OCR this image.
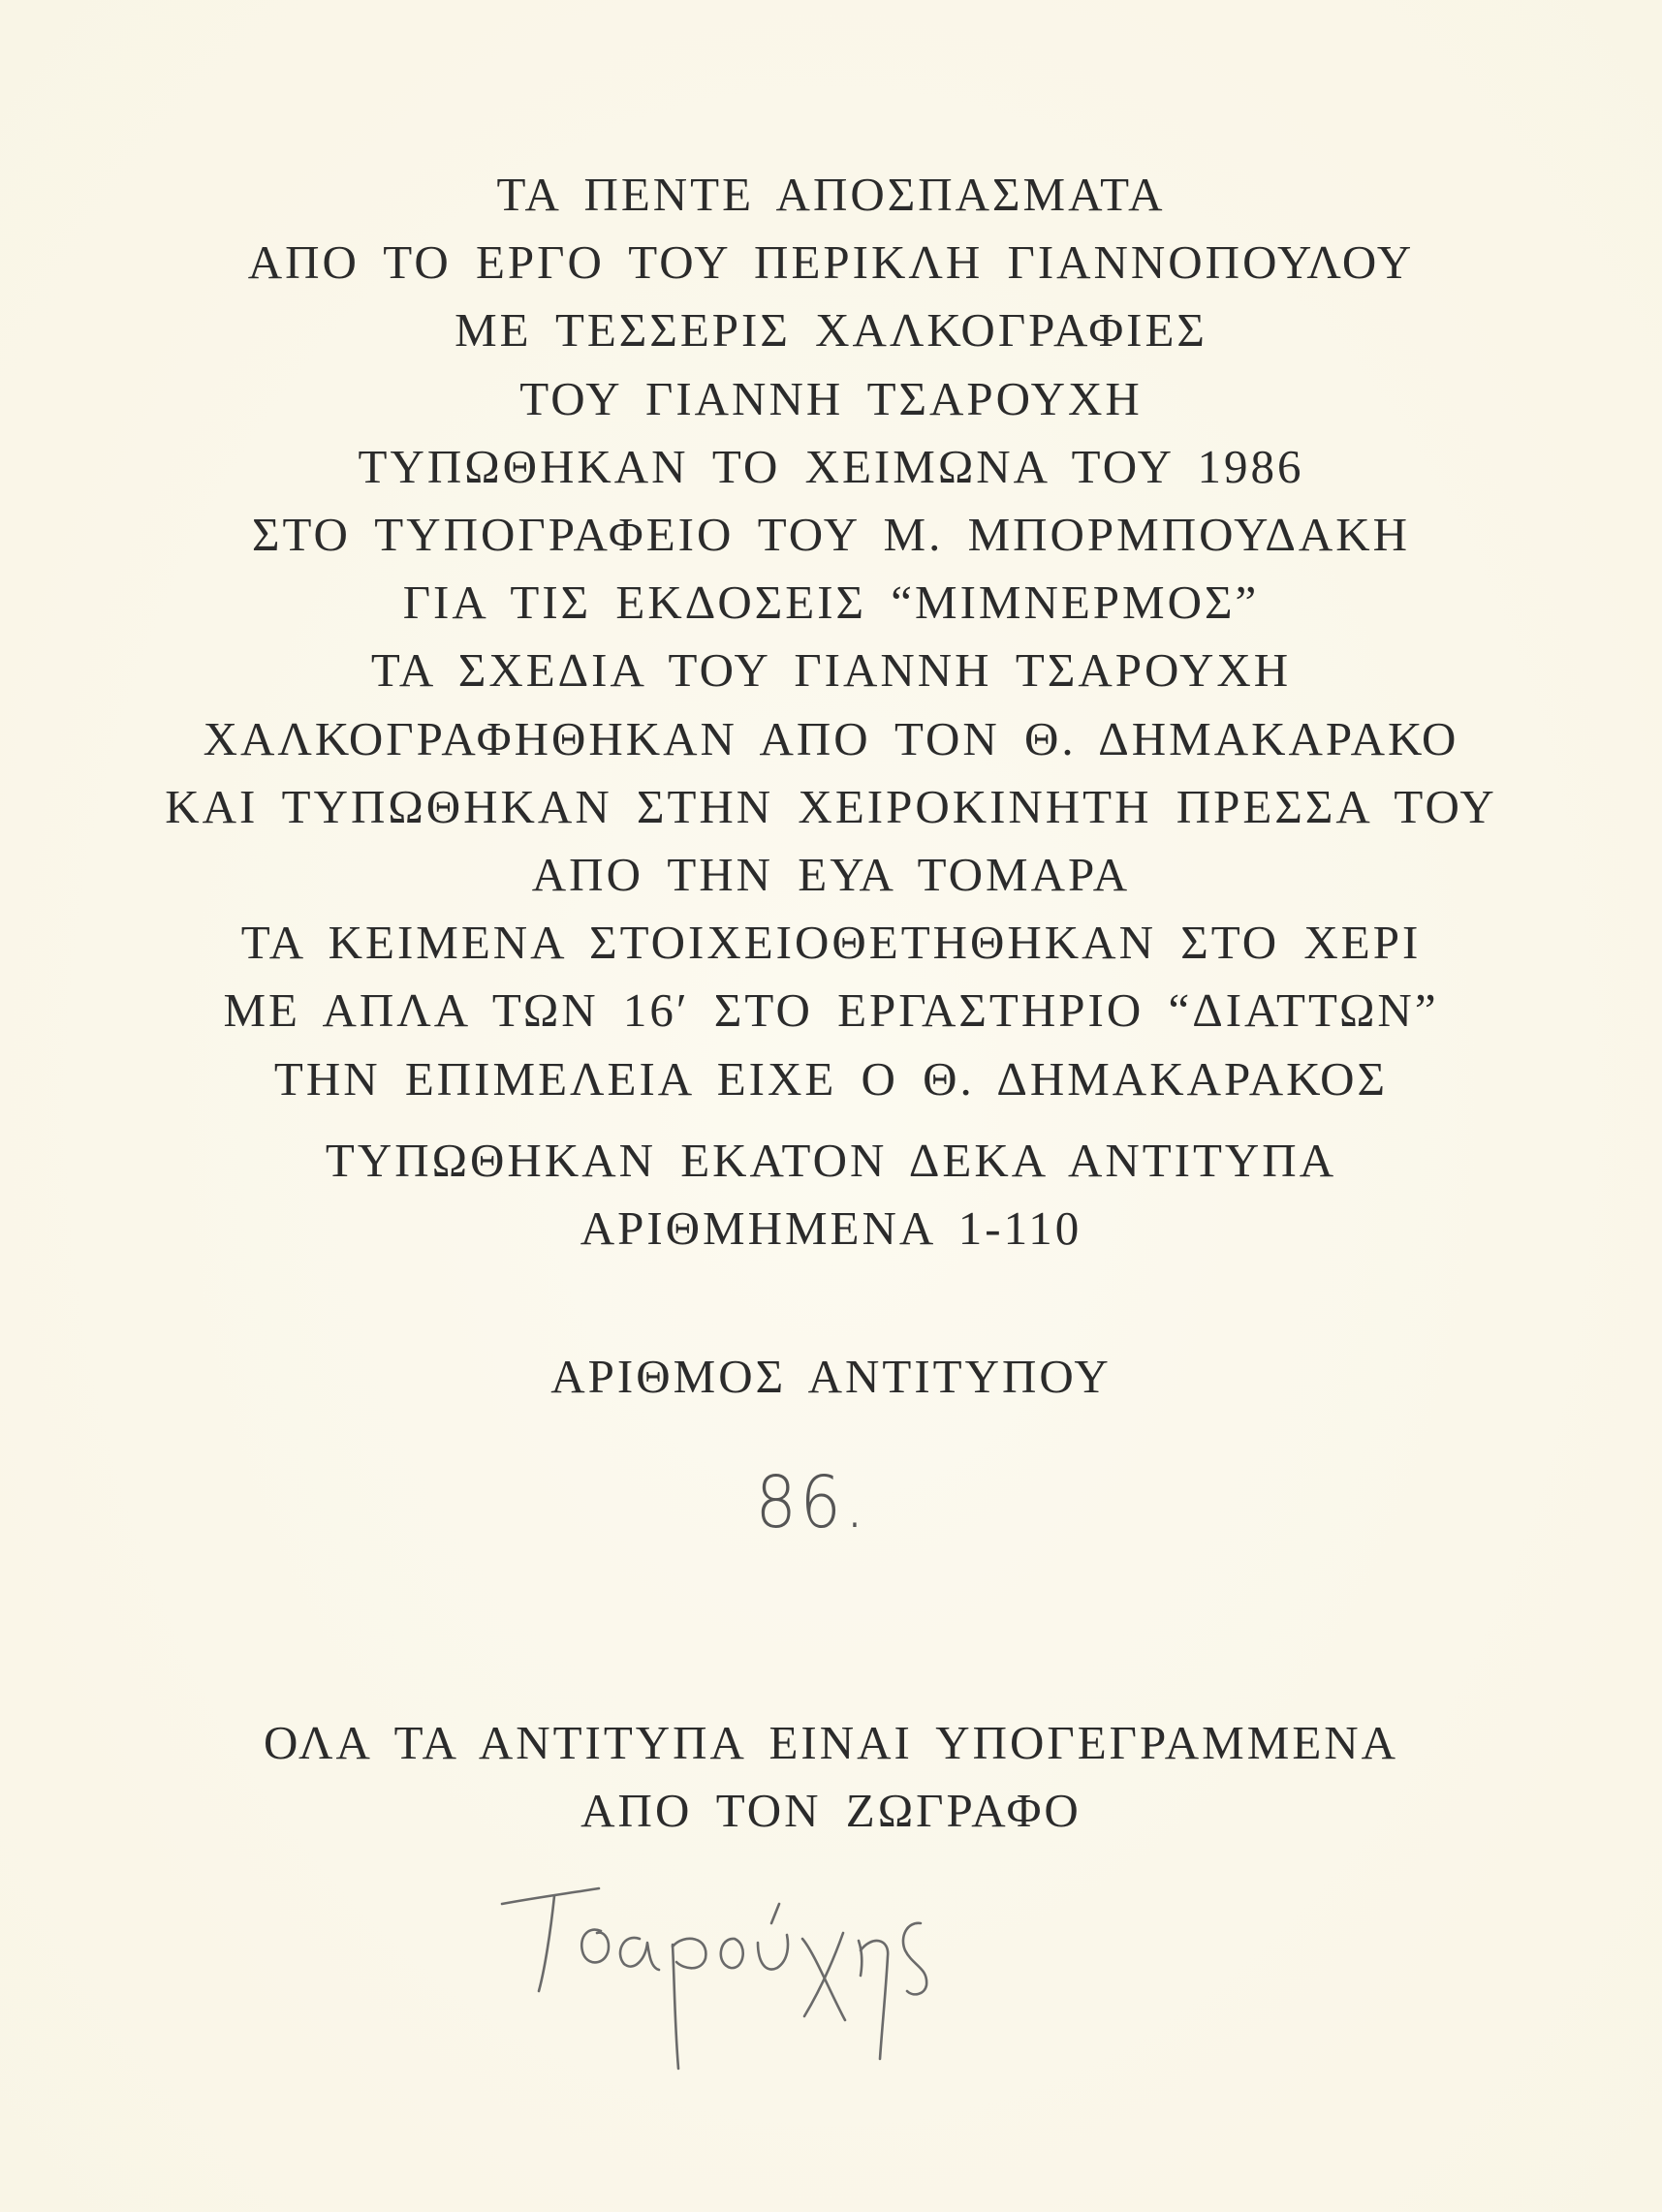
ΤΑ ΠΕΝΤΕ ΑΠΟΣΠΑΣΜΑΤΑ
ΑΠΟ ΤΟ ΕΡΓΟ ΤΟΥ ΠΕΡΙΚΛΗ ΓΙΑΝΝΟΠΟΥΛΟΥ
ΜΕ ΤΕΣΣΕΡΙΣ ΧΑΛΚΟΓΡΑΦΙΕΣ
ΤΟΥ ΓΙΑΝΝΗ ΤΣΑΡΟΥΧΗ
ΤΥΠΩΘΗΚΑΝ ΤΟ ΧΕΙΜΩΝΑ ΤΟΥ 1986
ΣΤΟ ΤΥΠΟΓΡΑΦΕΙΟ ΤΟΥ Μ. ΜΠΟΡΜΠΟΥΔΑΚΗ
ΓΙΑ ΤΙΣ ΕΚΔΟΣΕΙΣ “ΜΙΜΝΕΡΜΟΣ”
ΤΑ ΣΧΕΔΙΑ ΤΟΥ ΓΙΑΝΝΗ ΤΣΑΡΟΥΧΗ
ΧΑΛΚΟΓΡΑΦΗΘΗΚΑΝ ΑΠΟ ΤΟΝ Θ. ΔΗΜΑΚΑΡΑΚΟ
ΚΑΙ ΤΥΠΩΘΗΚΑΝ ΣΤΗΝ ΧΕΙΡΟΚΙΝΗΤΗ ΠΡΕΣΣΑ ΤΟΥ
ΑΠΟ ΤΗΝ ΕΥΑ ΤΟΜΑΡΑ
ΤΑ ΚΕΙΜΕΝΑ ΣΤΟΙΧΕΙΟΘΕΤΗΘΗΚΑΝ ΣΤΟ ΧΕΡΙ
ΜΕ ΑΠΛΑ ΤΩΝ 16′ ΣΤΟ ΕΡΓΑΣΤΗΡΙΟ “ΔΙΑΤΤΩΝ”
ΤΗΝ ΕΠΙΜΕΛΕΙΑ ΕΙΧΕ Ο Θ. ΔΗΜΑΚΑΡΑΚΟΣ
ΤΥΠΩΘΗΚΑΝ ΕΚΑΤΟΝ ΔΕΚΑ ΑΝΤΙΤΥΠΑ
ΑΡΙΘΜΗΜΕΝΑ 1-110
ΑΡΙΘΜΟΣ ΑΝΤΙΤΥΠΟΥ
86.
ΟΛΑ ΤΑ ΑΝΤΙΤΥΠΑ ΕΙΝΑΙ ΥΠΟΓΕΓΡΑΜΜΕΝΑ
ΑΠΟ ΤΟΝ ΖΩΓΡΑΦΟ
